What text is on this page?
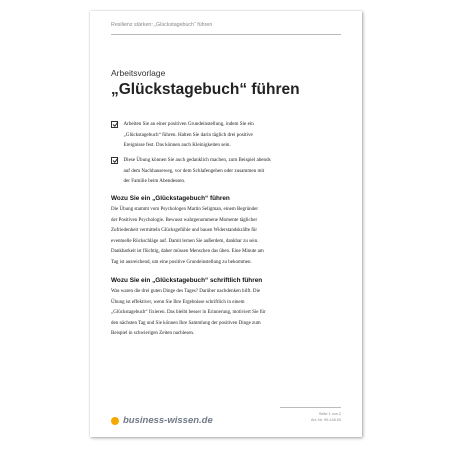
Resilienz stärken: „Glückstagebuch“ führen
Arbeitsvorlage
„Glückstagebuch“ führen
Arbeiten Sie an einer positiven Grundeinstellung, indem Sie ein
„Glückstagebuch“ führen. Halten Sie darin täglich drei positive
Ereignisse fest. Das können auch Kleinigkeiten sein.
Diese Übung können Sie auch gedanklich machen, zum Beispiel abends
auf dem Nachhauseweg, vor dem Schlafengehen oder zusammen mit
der Familie beim Abendessen.
Wozu Sie ein „Glückstagebuch“ führen
Die Übung stammt vom Psychologen Martin Seligman, einem Begründer
der Positiven Psychologie. Bewusst wahrgenommene Momente täglicher
Zufriedenheit vermitteln Glücksgefühle und bauen Widerstandskräfte für
eventuelle Rückschläge auf. Damit lernen Sie außerdem, dankbar zu sein.
Dankbarkeit ist flüchtig, daher müssen Menschen das üben. Eine Minute am
Tag ist ausreichend, um eine positive Grundeinstellung zu bekommen.
Wozu Sie ein „Glückstagebuch“ schriftlich führen
Was waren die drei guten Dinge des Tages? Darüber nachdenken hilft. Die
Übung ist effektiver, wenn Sie Ihre Ergebnisse schriftlich in einem
„Glückstagebuch“ fixieren. Das bleibt besser in Erinnerung, motiviert Sie für
den nächsten Tag und Sie können Ihre Sammlung der positiven Dinge zum
Beispiel in schwierigen Zeiten nachlesen.
business-wissen.de
Seite 1 von 2
Art.-Nr. 99.148.00
